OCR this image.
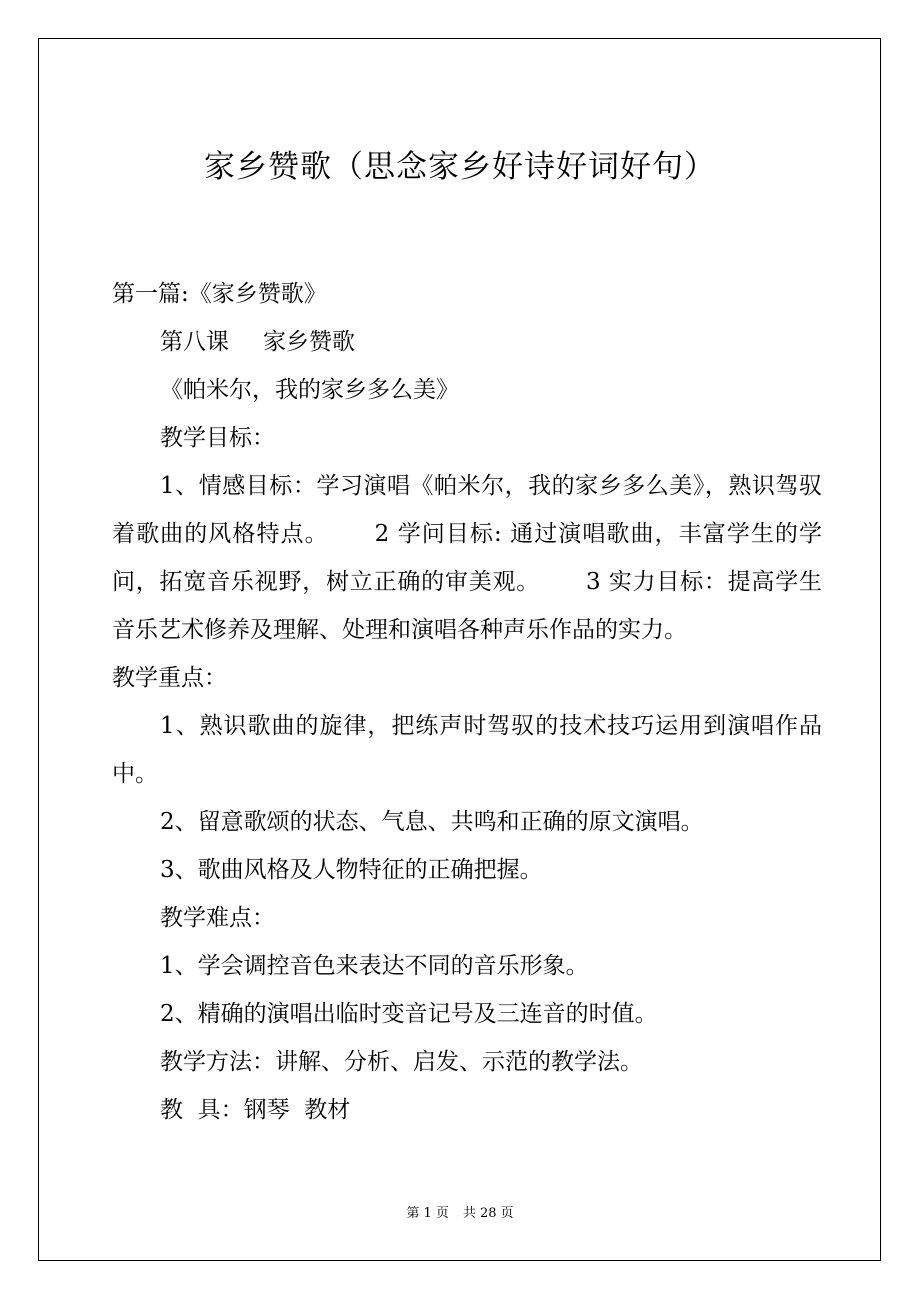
家乡赞歌（思念家乡好诗好词好句）
第一篇:《家乡赞歌》
第八课 家乡赞歌
《帕米尔，我的家乡多么美》
教学目标：
1、情感目标：学习演唱《帕米尔，我的家乡多么美》，熟识驾驭着歌曲的风格特点。 2 学问目标: 通过演唱歌曲，丰富学生的学问，拓宽音乐视野，树立正确的审美观。 3 实力目标：提高学生音乐艺术修养及理解、处理和演唱各种声乐作品的实力。
教学重点：
1、熟识歌曲的旋律，把练声时驾驭的技术技巧运用到演唱作品中。
2、留意歌颂的状态、气息、共鸣和正确的原文演唱。
3、歌曲风格及人物特征的正确把握。
教学难点：
1、学会调控音色来表达不同的音乐形象。
2、精确的演唱出临时变音记号及三连音的时值。
教学方法：讲解、分析、启发、示范的教学法。
教  具：钢琴  教材
第 1 页 共 28 页
